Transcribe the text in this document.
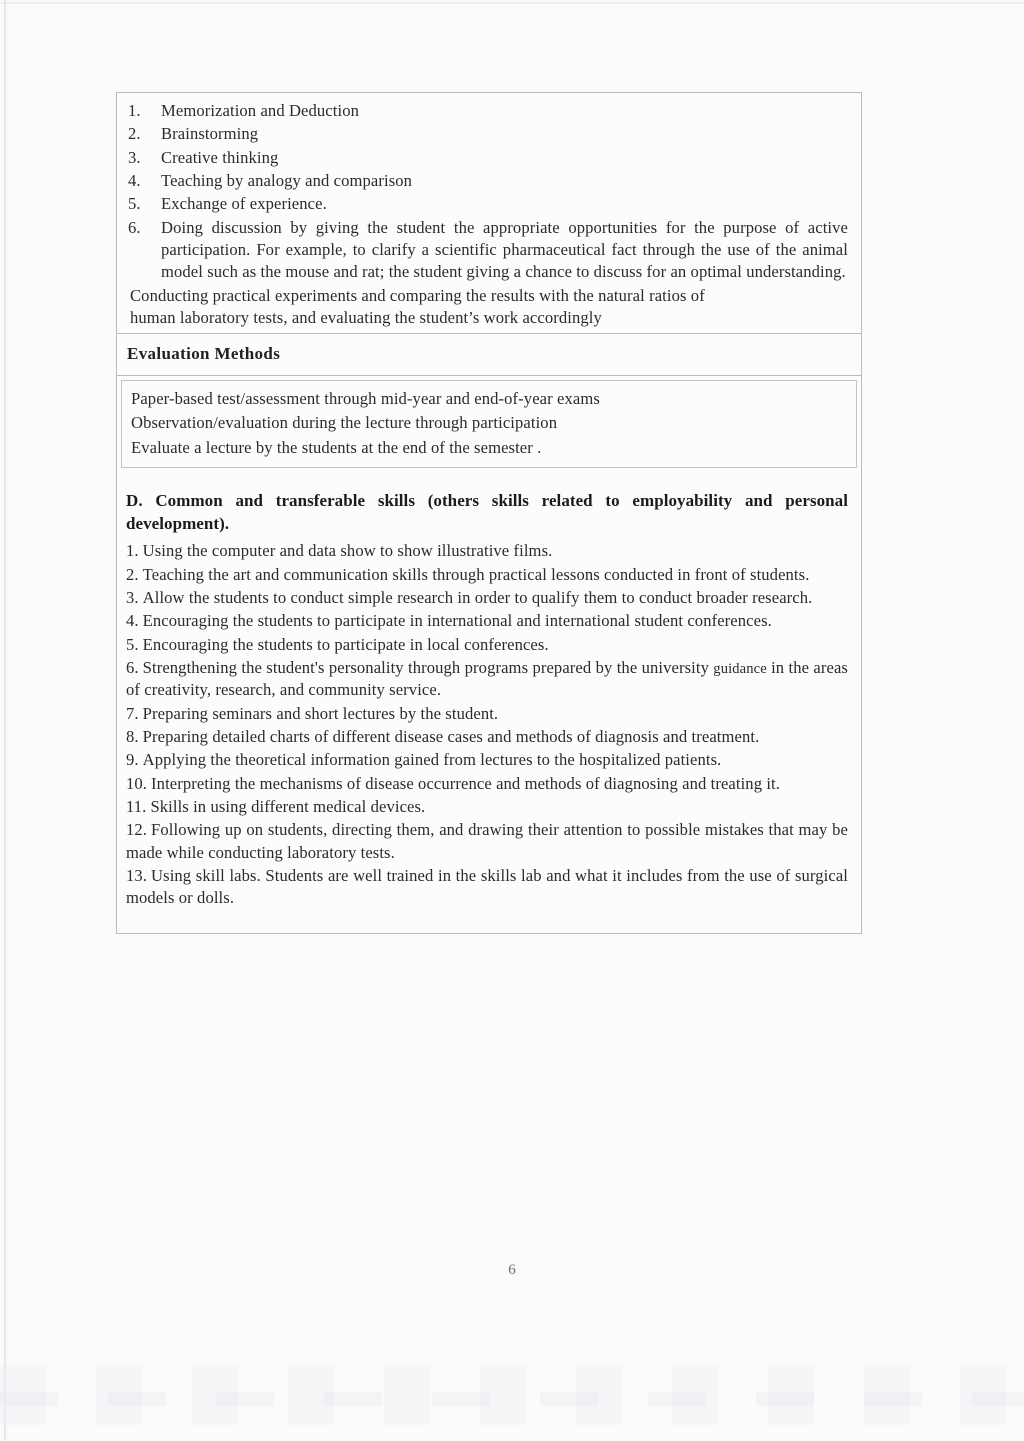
1.	Memorization and Deduction
2.	Brainstorming
3.	Creative thinking
4.	Teaching by analogy and comparison
5.	Exchange of experience.
6.	Doing discussion by giving the student the appropriate opportunities for the purpose of active participation. For example, to clarify a scientific pharmaceutical fact through the use of the animal model such as the mouse and rat; the student giving a chance to discuss for an optimal understanding.

Conducting practical experiments and comparing the results with the natural ratios of

human laboratory tests, and evaluating the student’s work accordingly

Evaluation Methods

Paper-based test/assessment through mid-year and end-of-year exams

Observation/evaluation during the lecture through participation

Evaluate a lecture by the students at the end of the semester .

D. Common and transferable skills (others skills related to employability and personal development).
1. Using the computer and data show to show illustrative films.
2. Teaching the art and communication skills through practical lessons conducted in front of students.
3. Allow the students to conduct simple research in order to qualify them to conduct broader research.
4. Encouraging the students to participate in international and international student conferences.
5. Encouraging the students to participate in local conferences.
6. Strengthening the student's personality through programs prepared by the university guidance in the areas of creativity, research, and community service.
7. Preparing seminars and short lectures by the student.
8. Preparing detailed charts of different disease cases and methods of diagnosis and treatment.
9. Applying the theoretical information gained from lectures to the hospitalized patients.
10. Interpreting the mechanisms of disease occurrence and methods of diagnosing and treating it.
11. Skills in using different medical devices.
12. Following up on students, directing them, and drawing their attention to possible mistakes that may be made while conducting laboratory tests.
13. Using skill labs. Students are well trained in the skills lab and what it includes from the use of surgical models or dolls.
6
